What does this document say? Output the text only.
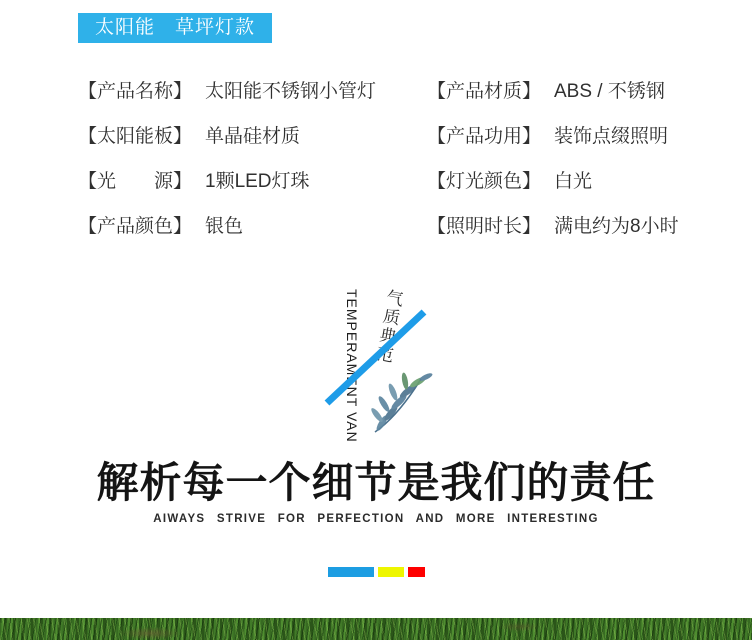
太阳能　草坪灯款
【产品名称】 太阳能不锈钢小管灯
【太阳能板】 单晶硅材质
【光　　源】 1颗LED灯珠
【产品颜色】 银色
【产品材质】 ABS / 不锈钢
【产品功用】 装饰点缀照明
【灯光颜色】 白光
【照明时长】 满电约为8小时
TEMPERAMENT VAN 气质典范
解析每一个细节是我们的责任
AIWAYS STRIVE FOR PERFECTION AND MORE INTERESTING
